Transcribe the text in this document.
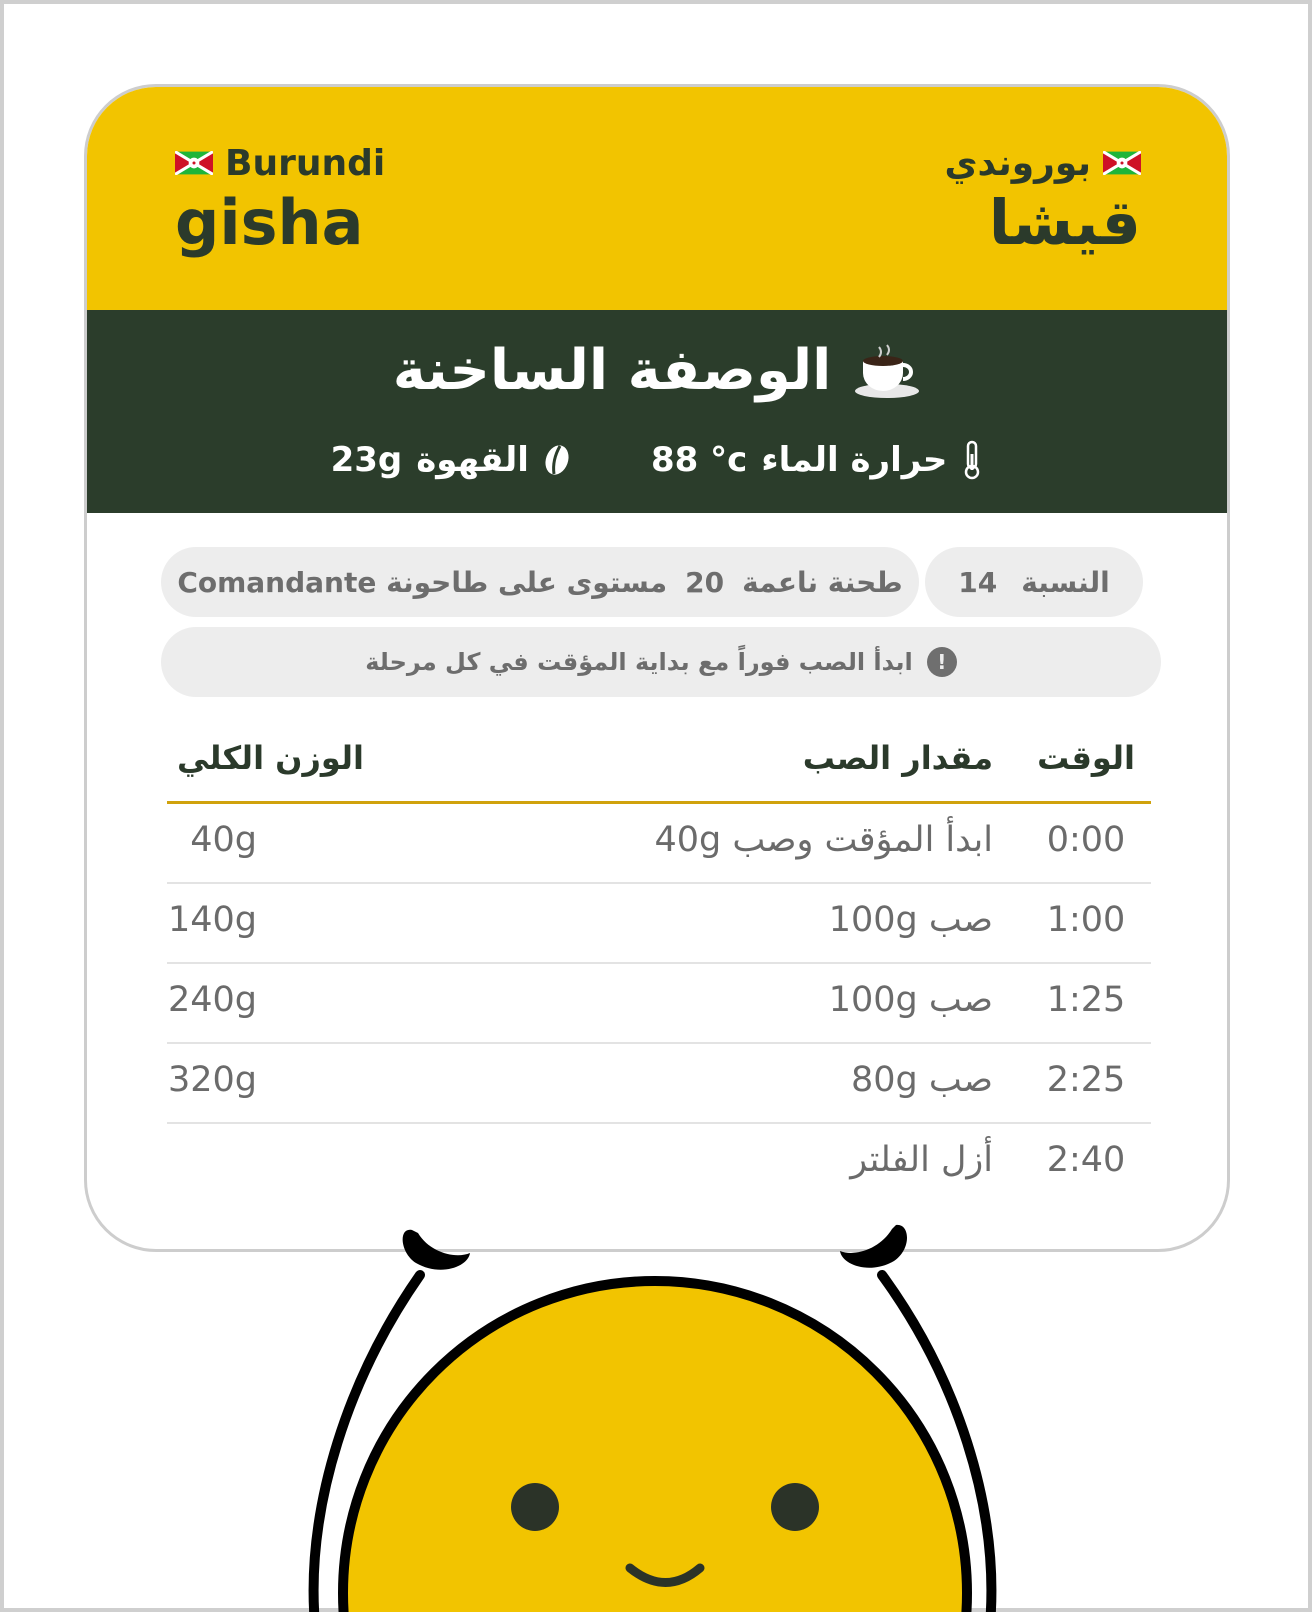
Burundi
gisha
بوروندي
قيشا
الوصفة الساخنة
القهوة
23g	حرارة الماء
88 °c
النسبة
14
طحنة ناعمة
20
مستوى على طاحونة Comandante
!
ابدأ الصب فوراً مع بداية المؤقت في كل مرحلة
الوقت
مقدار الصب
الوزن الكلي
0:00
ابدأ المؤقت وصب 40g
40g
1:00
صب 100g
140g
1:25
صب 100g
240g
2:25
صب 80g
320g
2:40
أزل الفلتر
